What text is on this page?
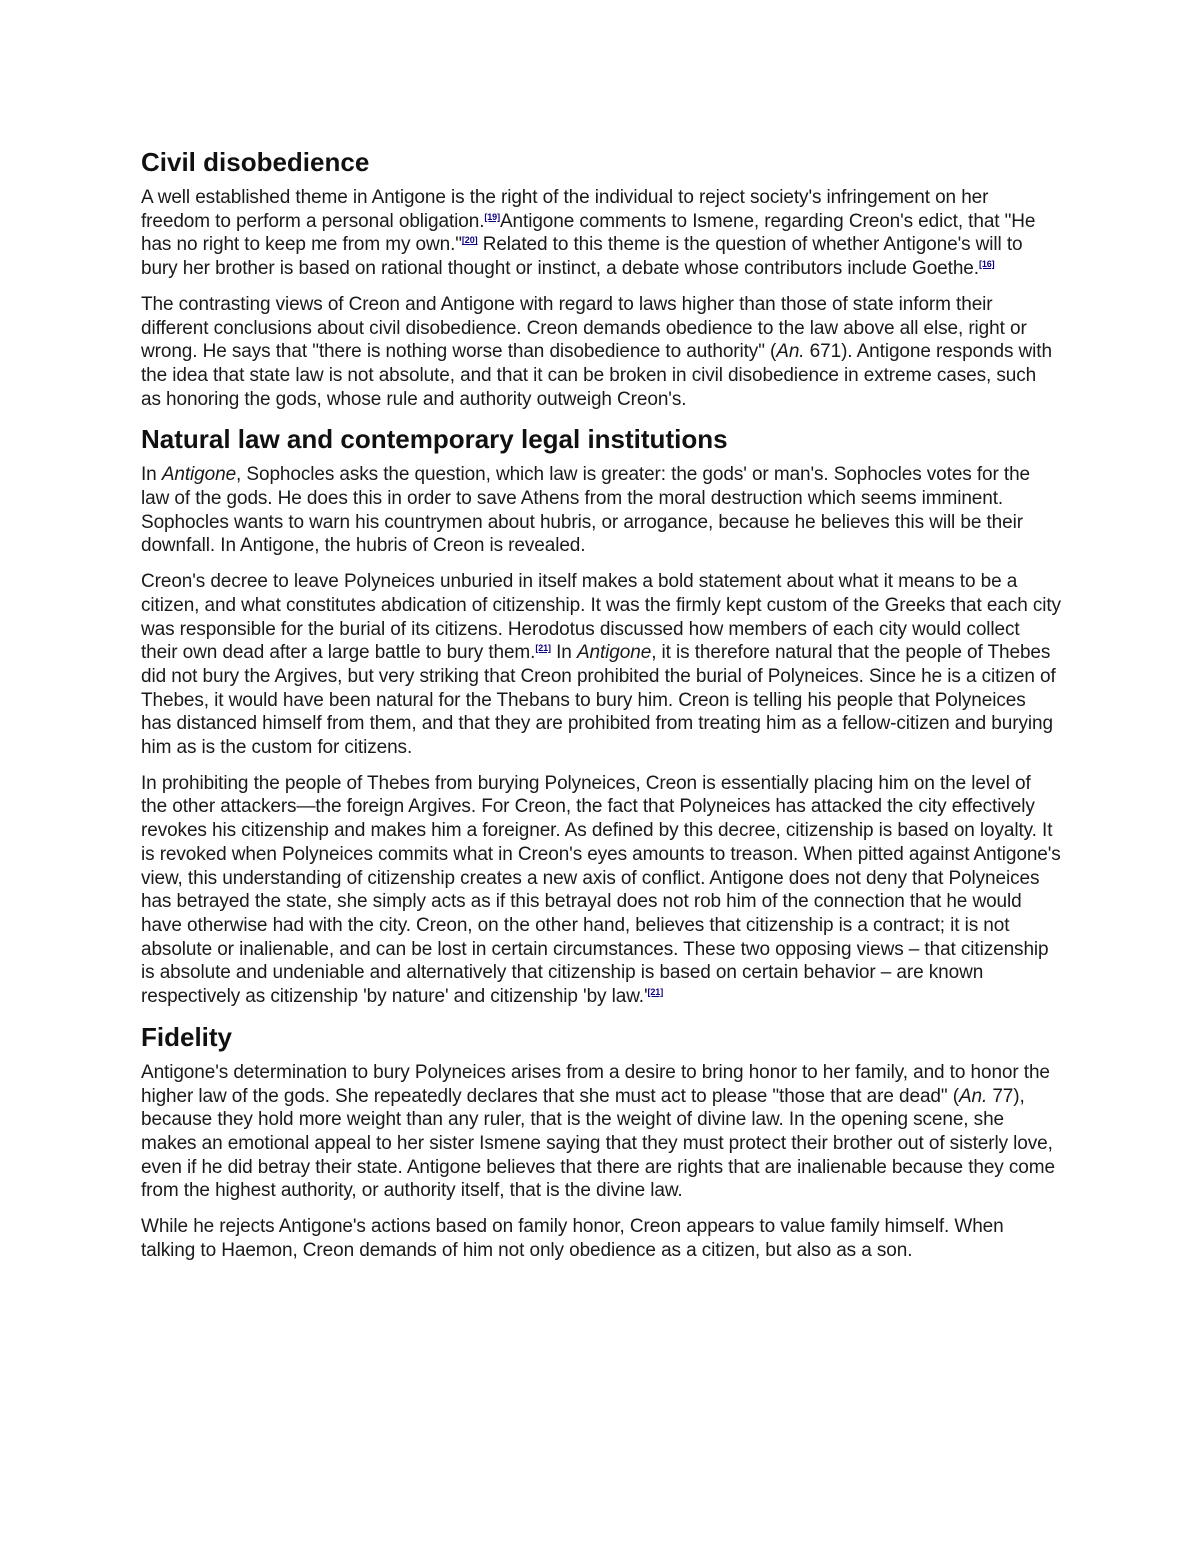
Civil disobedience

A well established theme in Antigone is the right of the individual to reject society's infringement on her freedom to perform a personal obligation.[19]Antigone comments to Ismene, regarding Creon's edict, that "He has no right to keep me from my own."[20] Related to this theme is the question of whether Antigone's will to bury her brother is based on rational thought or instinct, a debate whose contributors include Goethe.[16]

The contrasting views of Creon and Antigone with regard to laws higher than those of state inform their different conclusions about civil disobedience. Creon demands obedience to the law above all else, right or wrong. He says that "there is nothing worse than disobedience to authority" (An. 671). Antigone responds with the idea that state law is not absolute, and that it can be broken in civil disobedience in extreme cases, such as honoring the gods, whose rule and authority outweigh Creon's.

Natural law and contemporary legal institutions

In Antigone, Sophocles asks the question, which law is greater: the gods' or man's. Sophocles votes for the law of the gods. He does this in order to save Athens from the moral destruction which seems imminent. Sophocles wants to warn his countrymen about hubris, or arrogance, because he believes this will be their downfall. In Antigone, the hubris of Creon is revealed.

Creon's decree to leave Polyneices unburied in itself makes a bold statement about what it means to be a citizen, and what constitutes abdication of citizenship. It was the firmly kept custom of the Greeks that each city was responsible for the burial of its citizens. Herodotus discussed how members of each city would collect their own dead after a large battle to bury them.[21] In Antigone, it is therefore natural that the people of Thebes did not bury the Argives, but very striking that Creon prohibited the burial of Polyneices. Since he is a citizen of Thebes, it would have been natural for the Thebans to bury him. Creon is telling his people that Polyneices has distanced himself from them, and that they are prohibited from treating him as a fellow-citizen and burying him as is the custom for citizens.

In prohibiting the people of Thebes from burying Polyneices, Creon is essentially placing him on the level of the other attackers—the foreign Argives. For Creon, the fact that Polyneices has attacked the city effectively revokes his citizenship and makes him a foreigner. As defined by this decree, citizenship is based on loyalty. It is revoked when Polyneices commits what in Creon's eyes amounts to treason. When pitted against Antigone's view, this understanding of citizenship creates a new axis of conflict. Antigone does not deny that Polyneices has betrayed the state, she simply acts as if this betrayal does not rob him of the connection that he would have otherwise had with the city. Creon, on the other hand, believes that citizenship is a contract; it is not absolute or inalienable, and can be lost in certain circumstances. These two opposing views – that citizenship is absolute and undeniable and alternatively that citizenship is based on certain behavior – are known respectively as citizenship 'by nature' and citizenship 'by law.'[21]

Fidelity

Antigone's determination to bury Polyneices arises from a desire to bring honor to her family, and to honor the higher law of the gods. She repeatedly declares that she must act to please "those that are dead" (An. 77), because they hold more weight than any ruler, that is the weight of divine law. In the opening scene, she makes an emotional appeal to her sister Ismene saying that they must protect their brother out of sisterly love, even if he did betray their state. Antigone believes that there are rights that are inalienable because they come from the highest authority, or authority itself, that is the divine law.

While he rejects Antigone's actions based on family honor, Creon appears to value family himself. When talking to Haemon, Creon demands of him not only obedience as a citizen, but also as a son.
